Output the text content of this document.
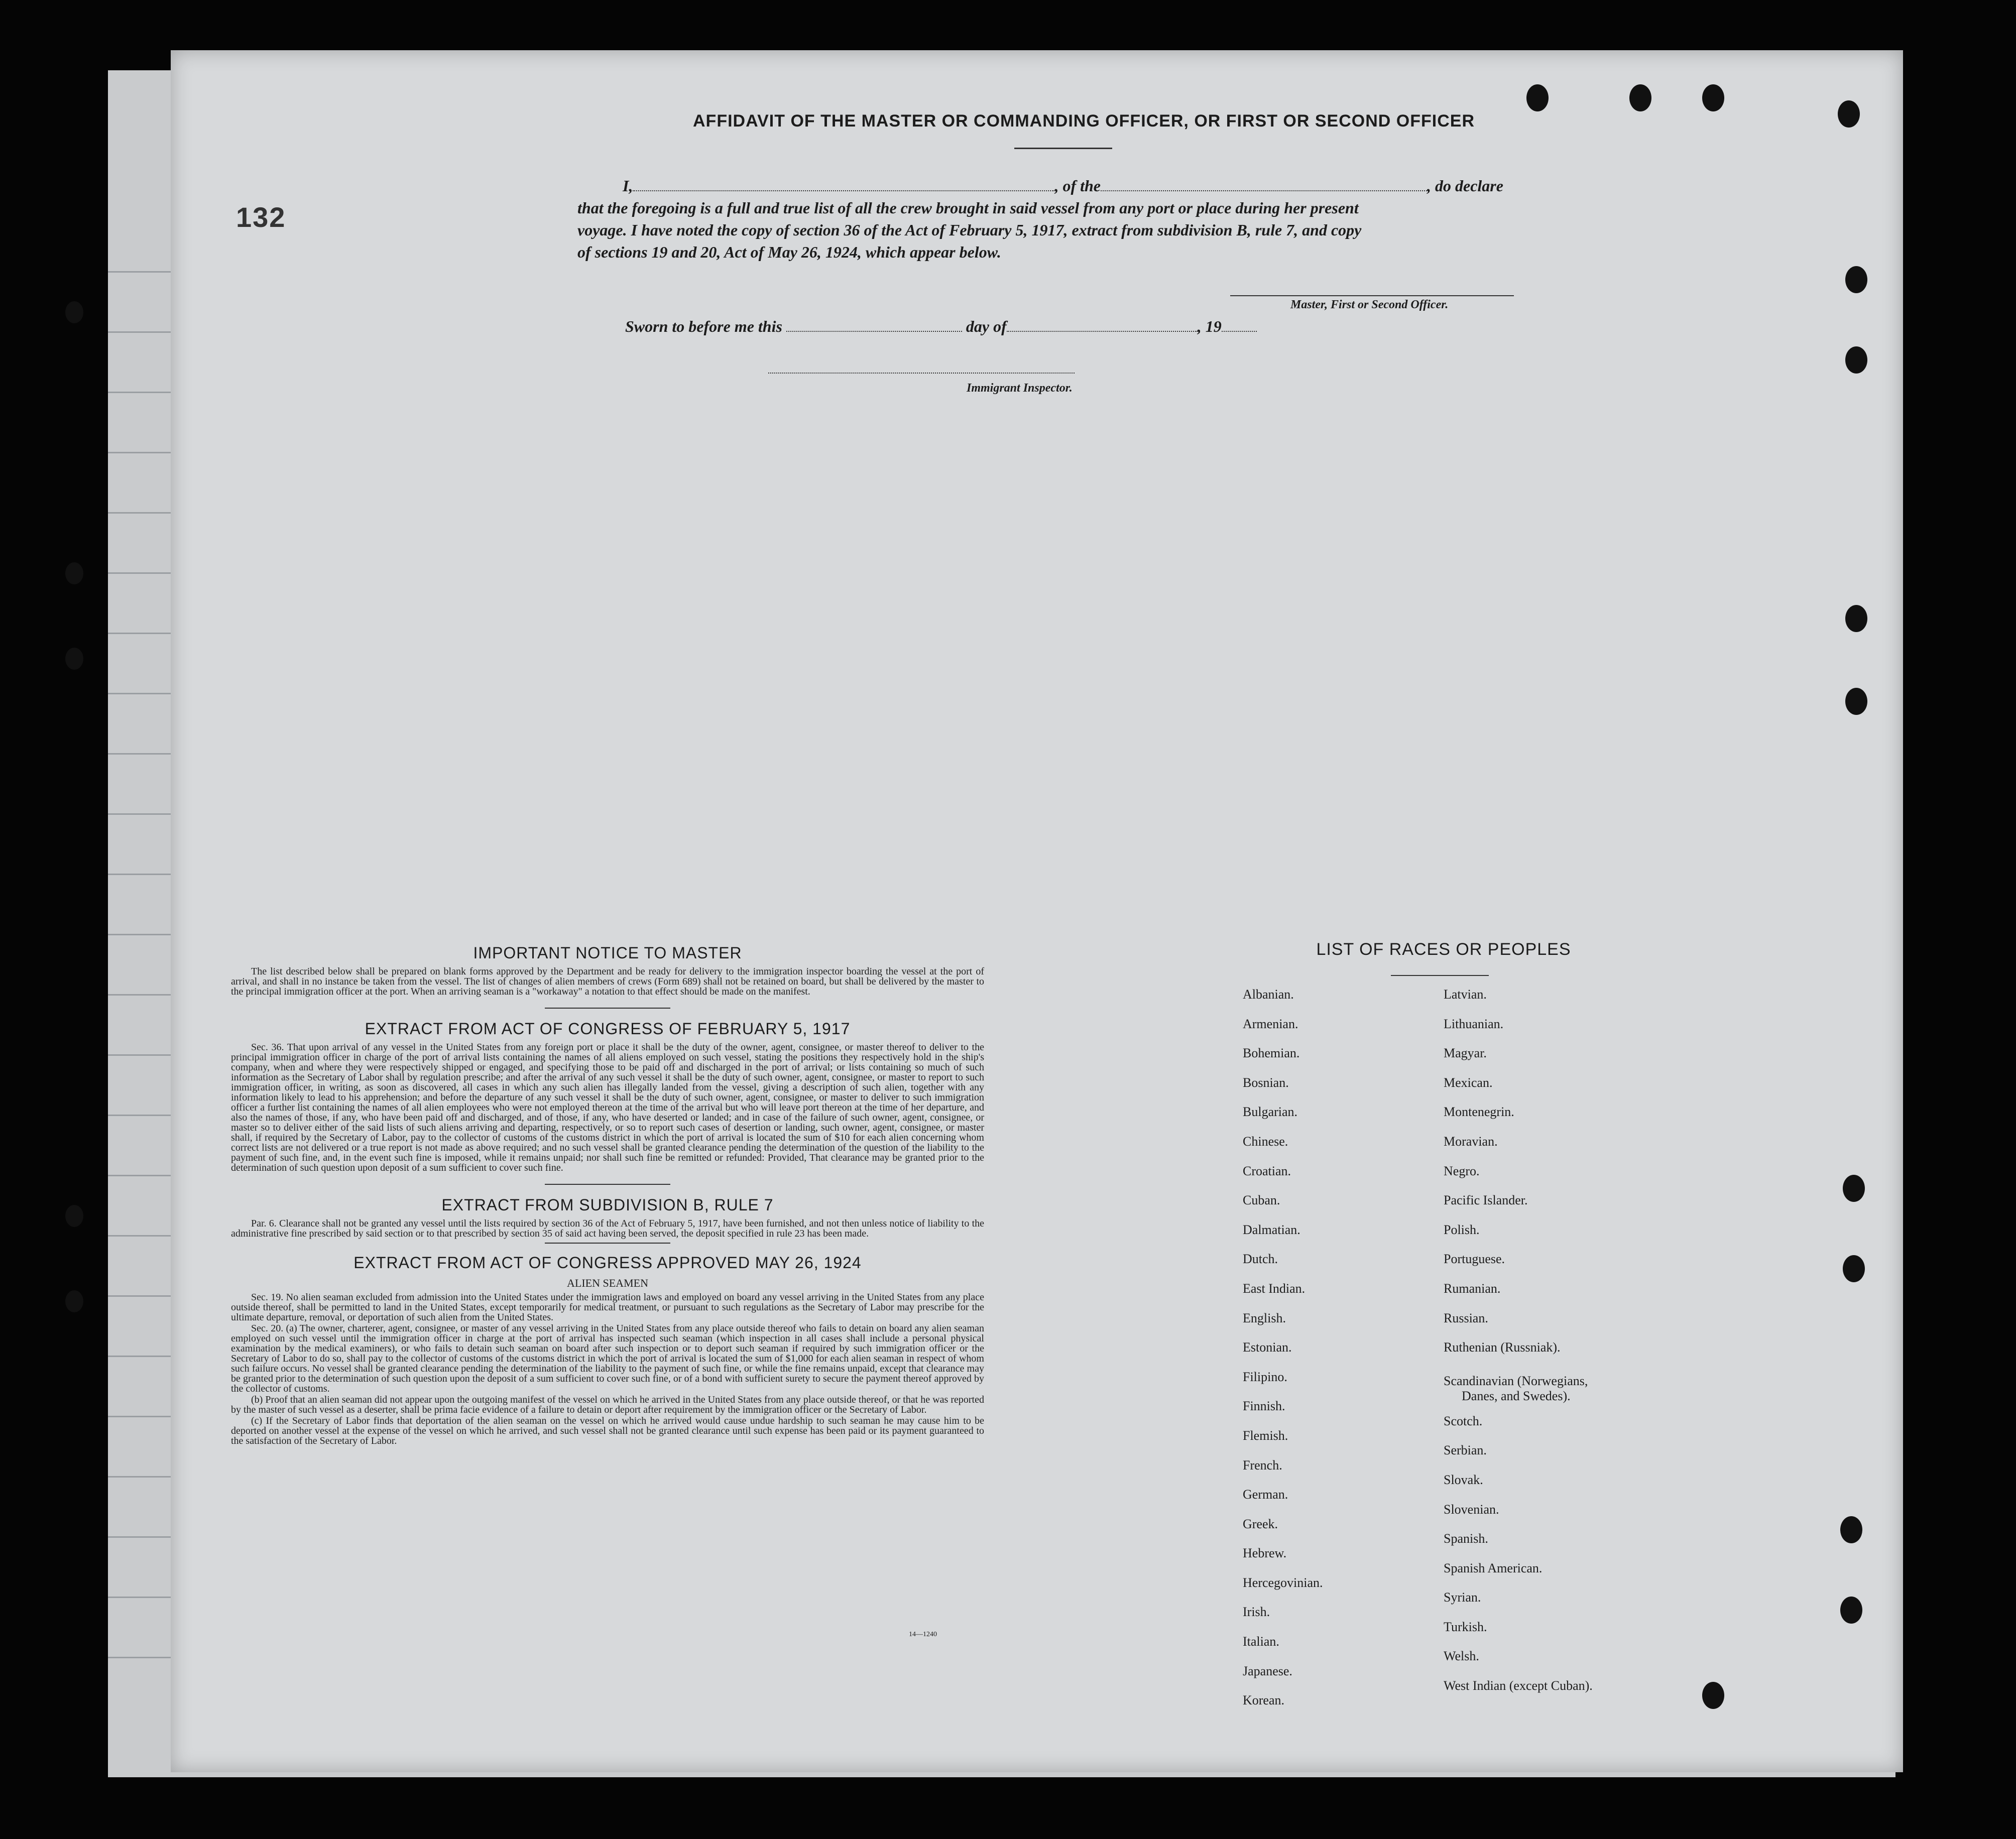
132
AFFIDAVIT OF THE MASTER OR COMMANDING OFFICER, OR FIRST OR SECOND OFFICER
I,	, of the	, do declare
that the foregoing is a full and true list of all the crew brought in said vessel from any port or place during her present
voyage. I have noted the copy of section 36 of the Act of February 5, 1917, extract from subdivision B, rule 7, and copy
of sections 19 and 20, Act of May 26, 1924, which appear below.
Master, First or Second Officer.
Sworn to before me this	day of	, 19
Immigrant Inspector.

IMPORTANT NOTICE TO MASTER

The list described below shall be prepared on blank forms approved by the Department and be ready for delivery to the immigration inspector boarding the vessel at the port of arrival, and shall in no instance be taken from the vessel. The list of changes of alien members of crews (Form 689) shall not be retained on board, but shall be delivered by the master to the principal immigration officer at the port. When an arriving seaman is a "workaway" a notation to that effect should be made on the manifest.

EXTRACT FROM ACT OF CONGRESS OF FEBRUARY 5, 1917

Sec. 36. That upon arrival of any vessel in the United States from any foreign port or place it shall be the duty of the owner, agent, consignee, or master thereof to deliver to the principal immigration officer in charge of the port of arrival lists containing the names of all aliens employed on such vessel, stating the positions they respectively hold in the ship's company, when and where they were respectively shipped or engaged, and specifying those to be paid off and discharged in the port of arrival; or lists containing so much of such information as the Secretary of Labor shall by regulation prescribe; and after the arrival of any such vessel it shall be the duty of such owner, agent, consignee, or master to report to such immigration officer, in writing, as soon as discovered, all cases in which any such alien has illegally landed from the vessel, giving a description of such alien, together with any information likely to lead to his apprehension; and before the departure of any such vessel it shall be the duty of such owner, agent, consignee, or master to deliver to such immigration officer a further list containing the names of all alien employees who were not employed thereon at the time of the arrival but who will leave port thereon at the time of her departure, and also the names of those, if any, who have been paid off and discharged, and of those, if any, who have deserted or landed; and in case of the failure of such owner, agent, consignee, or master so to deliver either of the said lists of such aliens arriving and departing, respectively, or so to report such cases of desertion or landing, such owner, agent, consignee, or master shall, if required by the Secretary of Labor, pay to the collector of customs of the customs district in which the port of arrival is located the sum of $10 for each alien concerning whom correct lists are not delivered or a true report is not made as above required; and no such vessel shall be granted clearance pending the determination of the question of the liability to the payment of such fine, and, in the event such fine is imposed, while it remains unpaid; nor shall such fine be remitted or refunded: Provided, That clearance may be granted prior to the determination of such question upon deposit of a sum sufficient to cover such fine.

EXTRACT FROM SUBDIVISION B, RULE 7

Par. 6. Clearance shall not be granted any vessel until the lists required by section 36 of the Act of February 5, 1917, have been furnished, and not then unless notice of liability to the administrative fine prescribed by said section or to that prescribed by section 35 of said act having been served, the deposit specified in rule 23 has been made.

EXTRACT FROM ACT OF CONGRESS APPROVED MAY 26, 1924

ALIEN SEAMEN

Sec. 19. No alien seaman excluded from admission into the United States under the immigration laws and employed on board any vessel arriving in the United States from any place outside thereof, shall be permitted to land in the United States, except temporarily for medical treatment, or pursuant to such regulations as the Secretary of Labor may prescribe for the ultimate departure, removal, or deportation of such alien from the United States.

Sec. 20. (a) The owner, charterer, agent, consignee, or master of any vessel arriving in the United States from any place outside thereof who fails to detain on board any alien seaman employed on such vessel until the immigration officer in charge at the port of arrival has inspected such seaman (which inspection in all cases shall include a personal physical examination by the medical examiners), or who fails to detain such seaman on board after such inspection or to deport such seaman if required by such immigration officer or the Secretary of Labor to do so, shall pay to the collector of customs of the customs district in which the port of arrival is located the sum of $1,000 for each alien seaman in respect of whom such failure occurs. No vessel shall be granted clearance pending the determination of the liability to the payment of such fine, or while the fine remains unpaid, except that clearance may be granted prior to the determination of such question upon the deposit of a sum sufficient to cover such fine, or of a bond with sufficient surety to secure the payment thereof approved by the collector of customs.

(b) Proof that an alien seaman did not appear upon the outgoing manifest of the vessel on which he arrived in the United States from any place outside thereof, or that he was reported by the master of such vessel as a deserter, shall be prima facie evidence of a failure to detain or deport after requirement by the immigration officer or the Secretary of Labor.

(c) If the Secretary of Labor finds that deportation of the alien seaman on the vessel on which he arrived would cause undue hardship to such seaman he may cause him to be deported on another vessel at the expense of the vessel on which he arrived, and such vessel shall not be granted clearance until such expense has been paid or its payment guaranteed to the satisfaction of the Secretary of Labor.

14—1240
LIST OF RACES OR PEOPLES
Albanian.
Armenian.
Bohemian.
Bosnian.
Bulgarian.
Chinese.
Croatian.
Cuban.
Dalmatian.
Dutch.
East Indian.
English.
Estonian.
Filipino.
Finnish.
Flemish.
French.
German.
Greek.
Hebrew.
Hercegovinian.
Irish.
Italian.
Japanese.
Korean.
Latvian.
Lithuanian.
Magyar.
Mexican.
Montenegrin.
Moravian.
Negro.
Pacific Islander.
Polish.
Portuguese.
Rumanian.
Russian.
Ruthenian (Russniak).
Scandinavian (Norwegians,
Danes, and Swedes).
Scotch.
Serbian.
Slovak.
Slovenian.
Spanish.
Spanish American.
Syrian.
Turkish.
Welsh.
West Indian (except Cuban).
